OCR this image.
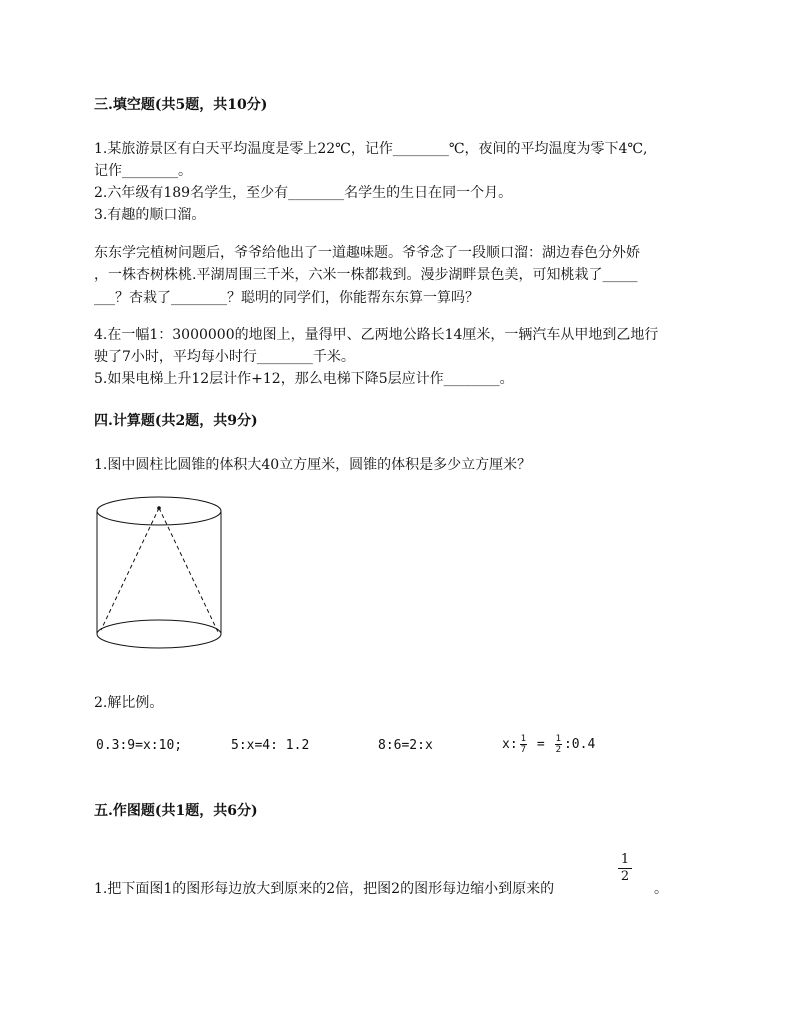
三.填空题(共5题，共10分)
1.某旅游景区有白天平均温度是零上22℃，记作________℃，夜间的平均温度为零下4℃,
记作________。
2.六年级有189名学生，至少有________名学生的生日在同一个月。
3.有趣的顺口溜。
东东学完植树问题后，爷爷给他出了一道趣味题。爷爷念了一段顺口溜：湖边春色分外娇
，一株杏树株桃.平湖周围三千米，六米一株都栽到。漫步湖畔景色美，可知桃栽了_____
___？杏栽了________？聪明的同学们，你能帮东东算一算吗？
4.在一幅1：3000000的地图上，量得甲、乙两地公路长14厘米，一辆汽车从甲地到乙地行
驶了7小时，平均每小时行________千米。
5.如果电梯上升12层计作+12，那么电梯下降5层应计作________。
四.计算题(共2题，共9分)
1.图中圆柱比圆锥的体积大40立方厘米，圆锥的体积是多少立方厘米？
2.解比例。
0.3:9=x:10;	5:x=4: 1.2	8:6=2:x	x: $\frac{1}{7} = \frac{1}{2}$ :0.4
五.作图题(共1题，共6分)
1.把下面图1的图形每边放大到原来的2倍，把图2的图形每边缩小到原来的
$\frac{1}{2}$
。
